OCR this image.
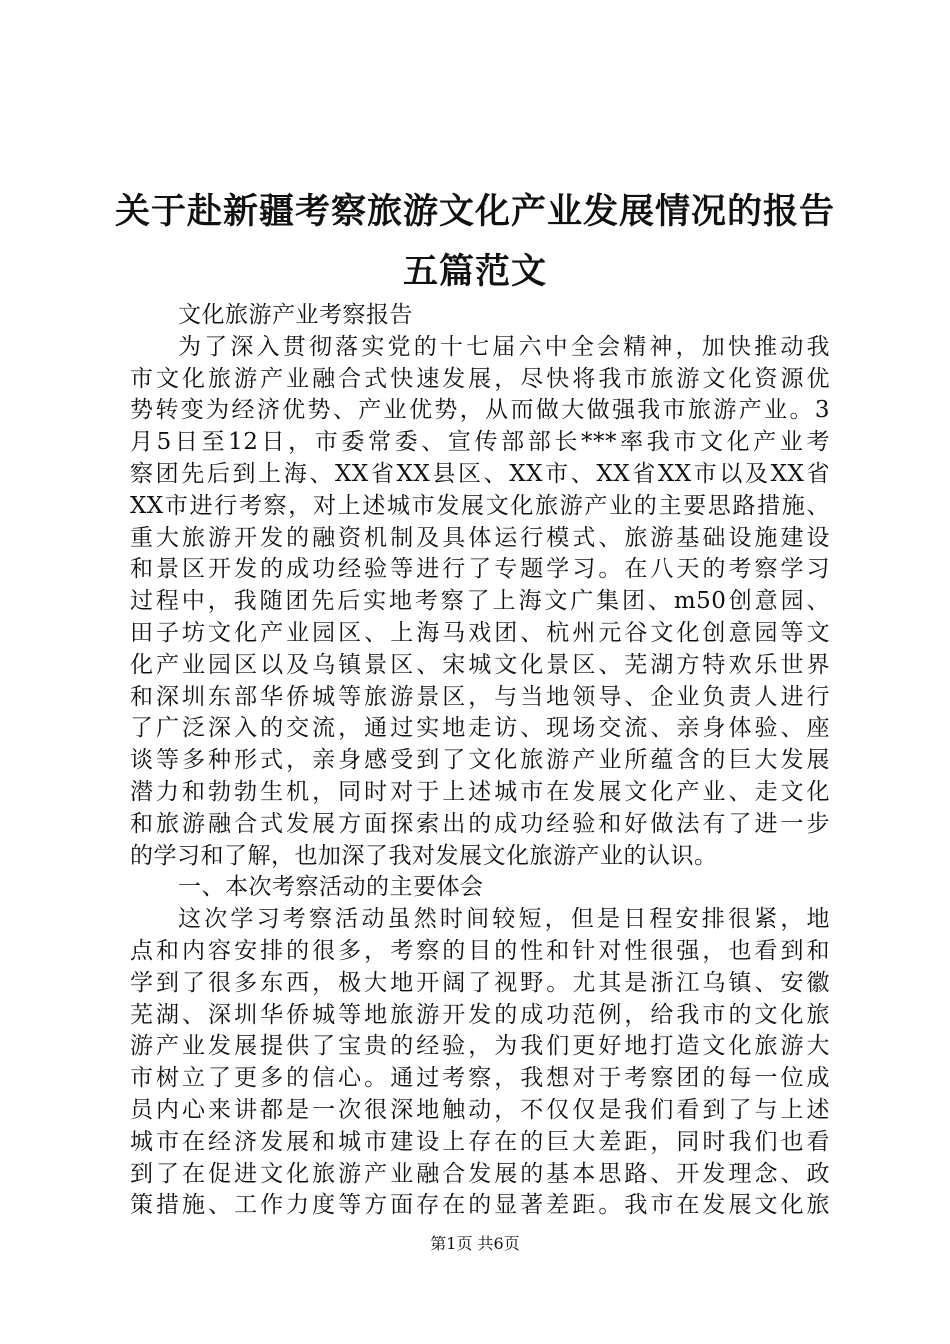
关于赴新疆考察旅游文化产业发展情况的报告
五篇范文
文化旅游产业考察报告
为了深入贯彻落实党的十七届六中全会精神，加快推动我
市文化旅游产业融合式快速发展，尽快将我市旅游文化资源优
势转变为经济优势、产业优势，从而做大做强我市旅游产业。3
月5日至12日，市委常委、宣传部部长***率我市文化产业考
察团先后到上海、XX省XX县区、XX市、XX省XX市以及XX省
XX市进行考察，对上述城市发展文化旅游产业的主要思路措施、
重大旅游开发的融资机制及具体运行模式、旅游基础设施建设
和景区开发的成功经验等进行了专题学习。在八天的考察学习
过程中，我随团先后实地考察了上海文广集团、m50创意园、
田子坊文化产业园区、上海马戏团、杭州元谷文化创意园等文
化产业园区以及乌镇景区、宋城文化景区、芜湖方特欢乐世界
和深圳东部华侨城等旅游景区，与当地领导、企业负责人进行
了广泛深入的交流，通过实地走访、现场交流、亲身体验、座
谈等多种形式，亲身感受到了文化旅游产业所蕴含的巨大发展
潜力和勃勃生机，同时对于上述城市在发展文化产业、走文化
和旅游融合式发展方面探索出的成功经验和好做法有了进一步
的学习和了解，也加深了我对发展文化旅游产业的认识。
一、本次考察活动的主要体会
这次学习考察活动虽然时间较短，但是日程安排很紧，地
点和内容安排的很多，考察的目的性和针对性很强，也看到和
学到了很多东西，极大地开阔了视野。尤其是浙江乌镇、安徽
芜湖、深圳华侨城等地旅游开发的成功范例，给我市的文化旅
游产业发展提供了宝贵的经验，为我们更好地打造文化旅游大
市树立了更多的信心。通过考察，我想对于考察团的每一位成
员内心来讲都是一次很深地触动，不仅仅是我们看到了与上述
城市在经济发展和城市建设上存在的巨大差距，同时我们也看
到了在促进文化旅游产业融合发展的基本思路、开发理念、政
策措施、工作力度等方面存在的显著差距。我市在发展文化旅
第1页 共6页
